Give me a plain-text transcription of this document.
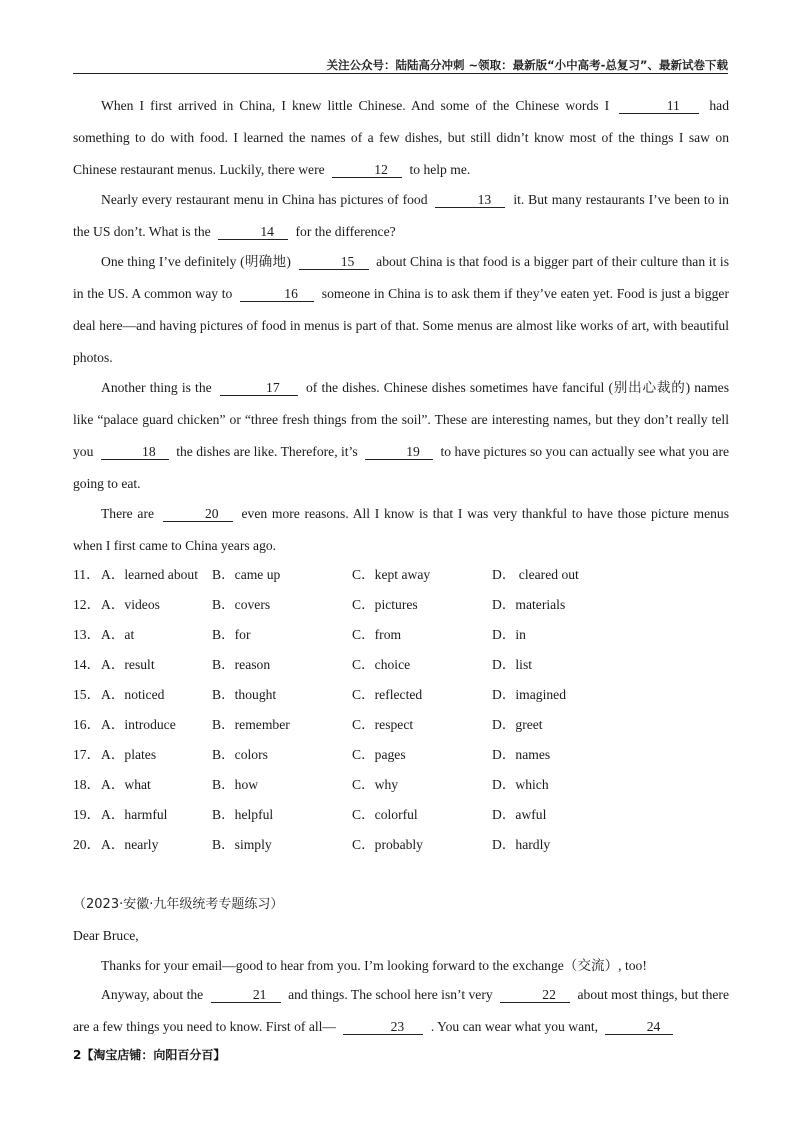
关注公众号：陆陆高分冲刺 ~领取：最新版“小中高考-总复习”、最新试卷下载

When I first arrived in China, I knew little Chinese. And some of the Chinese words I	11 had something to do with food. I learned the names of a few dishes, but still didn’t know most of the things I saw on Chinese restaurant menus. Luckily, there were	12 to help me.

Nearly every restaurant menu in China has pictures of food	13 it. But many restaurants I’ve been to in the US don’t. What is the	14 for the difference?

One thing I’ve definitely (明确地)	15 about China is that food is a bigger part of their culture than it is in the US. A common way to	16 someone in China is to ask them if they’ve eaten yet. Food is just a bigger deal here—and having pictures of food in menus is part of that. Some menus are almost like works of art, with beautiful photos.

Another thing is the	17 of the dishes. Chinese dishes sometimes have fanciful (别出心裁的) names like “palace guard chicken” or “three fresh things from the soil”. These are interesting names, but they don’t really tell you	18 the dishes are like. Therefore, it’s	19 to have pictures so you can actually see what you are going to eat.

There are	20 even more reasons. All I know is that I was very thankful to have those picture menus when I first came to China years ago.

11． A．learned about B．came up	C．kept away	D． cleared out
12． A．videos	B．covers	C．pictures	D．materials
13． A．at	B．for	C．from	D．in
14． A．result	B．reason	C．choice	D．list
15． A．noticed	B．thought	C．reflected	D．imagined
16． A．introduce	B．remember	C．respect	D．greet
17． A．plates	B．colors	C．pages	D．names
18． A．what	B．how	C．why	D．which
19． A．harmful	B．helpful	C．colorful	D．awful
20． A．nearly	B．simply	C．probably	D．hardly
（2023·安徽·九年级统考专题练习）

Dear Bruce,

Thanks for your email—good to hear from you. I’m looking forward to the exchange（交流）, too!

Anyway, about the	21 and things. The school here isn’t very	22 about most things, but there are a few things you need to know. First of all—	23 . You can wear what you want,	24

2【淘宝店铺：向阳百分百】
